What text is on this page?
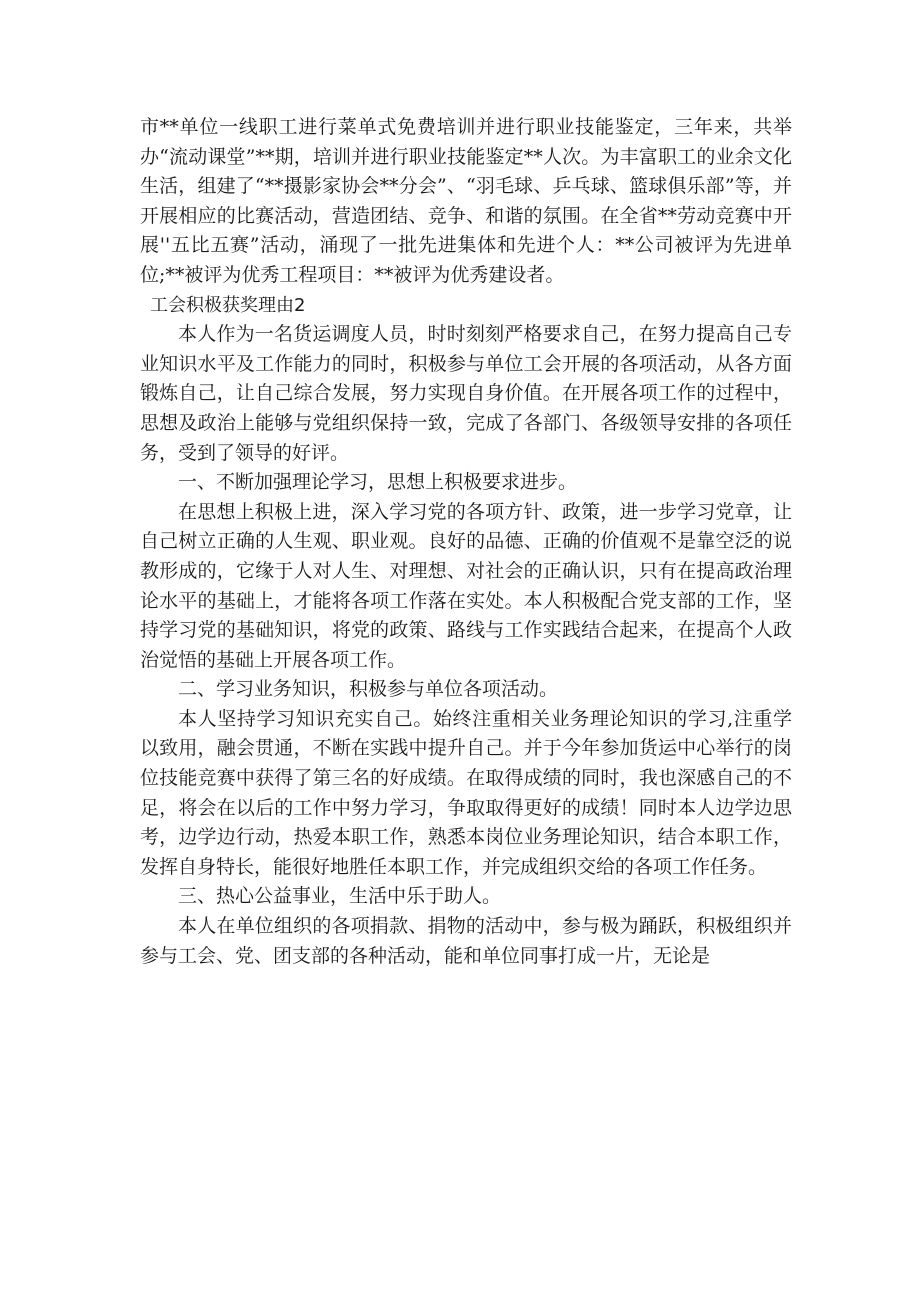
市**单位一线职工进行菜单式免费培训并进行职业技能鉴定，三年来，共举办“流动课堂”**期，培训并进行职业技能鉴定**人次。为丰富职工的业余文化生活，组建了“**摄影家协会**分会”、“羽毛球、乒乓球、篮球俱乐部”等，并开展相应的比赛活动，营造团结、竞争、和谐的氛围。在全省**劳动竞赛中开展''五比五赛”活动，涌现了一批先进集体和先进个人：**公司被评为先进单位;**被评为优秀工程项目：**被评为优秀建设者。

工会积极获奖理由2

本人作为一名货运调度人员，时时刻刻严格要求自己，在努力提高自己专业知识水平及工作能力的同时，积极参与单位工会开展的各项活动，从各方面锻炼自己，让自己综合发展，努力实现自身价值。在开展各项工作的过程中，思想及政治上能够与党组织保持一致，完成了各部门、各级领导安排的各项任务，受到了领导的好评。

一、不断加强理论学习，思想上积极要求进步。

在思想上积极上进，深入学习党的各项方针、政策，进一步学习党章，让自己树立正确的人生观、职业观。良好的品德、正确的价值观不是靠空泛的说教形成的，它缘于人对人生、对理想、对社会的正确认识，只有在提高政治理论水平的基础上，才能将各项工作落在实处。本人积极配合党支部的工作，坚持学习党的基础知识，将党的政策、路线与工作实践结合起来，在提高个人政治觉悟的基础上开展各项工作。

二、学习业务知识，积极参与单位各项活动。

本人坚持学习知识充实自己。始终注重相关业务理论知识的学习,注重学以致用，融会贯通，不断在实践中提升自己。并于今年参加货运中心举行的岗位技能竞赛中获得了第三名的好成绩。在取得成绩的同时，我也深感自己的不足，将会在以后的工作中努力学习，争取取得更好的成绩！同时本人边学边思考，边学边行动，热爱本职工作，熟悉本岗位业务理论知识，结合本职工作，发挥自身特长，能很好地胜任本职工作，并完成组织交给的各项工作任务。

三、热心公益事业，生活中乐于助人。

本人在单位组织的各项捐款、捐物的活动中，参与极为踊跃，积极组织并参与工会、党、团支部的各种活动，能和单位同事打成一片，无论是
